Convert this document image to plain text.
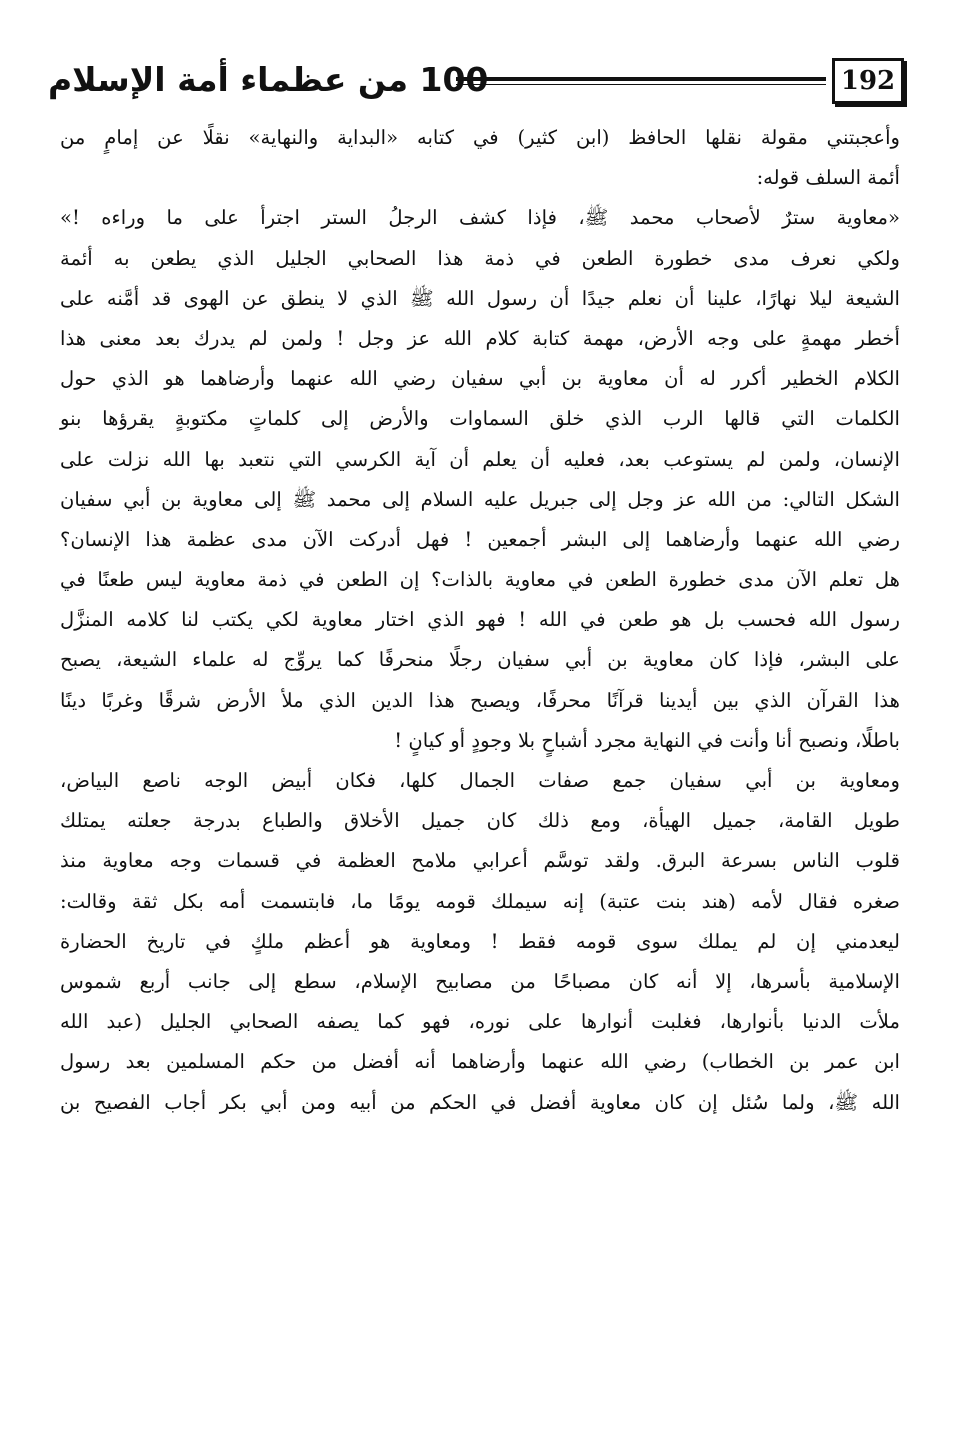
100 من عظماء أمة الإسلام	192
وأعجبتني مقولة نقلها الحافظ (ابن كثير) في كتابه «البداية والنهاية» نقلًا عن إمامٍ من
أئمة السلف قوله:
«معاوية سترٌ لأصحاب محمد ﷺ، فإذا كشف الرجلُ الستر اجترأ على ما وراءه !»
ولكي نعرف مدى خطورة الطعن في ذمة هذا الصحابي الجليل الذي يطعن به أئمة
الشيعة ليلا نهارًا، علينا أن نعلم جيدًا أن رسول الله ﷺ الذي لا ينطق عن الهوى قد أمَّنه على
أخطر مهمةٍ على وجه الأرض، مهمة كتابة كلام الله عز وجل ! ولمن لم يدرك بعد معنى هذا
الكلام الخطير أكرر له أن معاوية بن أبي سفيان رضي الله عنهما وأرضاهما هو الذي حول
الكلمات التي قالها الرب الذي خلق السماوات والأرض إلى كلماتٍ مكتوبةٍ يقرؤها بنو
الإنسان، ولمن لم يستوعب بعد، فعليه أن يعلم أن آية الكرسي التي نتعبد بها الله نزلت على
الشكل التالي: من الله عز وجل إلى جبريل عليه السلام إلى محمد ﷺ إلى معاوية بن أبي سفيان
رضي الله عنهما وأرضاهما إلى البشر أجمعين ! فهل أدركت الآن مدى عظمة هذا الإنسان؟
هل تعلم الآن مدى خطورة الطعن في معاوية بالذات؟ إن الطعن في ذمة معاوية ليس طعنًا في
رسول الله فحسب بل هو طعن في الله ! فهو الذي اختار معاوية لكي يكتب لنا كلامه المنزَّل
على البشر، فإذا كان معاوية بن أبي سفيان رجلًا منحرفًا كما يروِّج له علماء الشيعة، يصبح
هذا القرآن الذي بين أيدينا قرآنًا محرفًا، ويصبح هذا الدين الذي ملأ الأرض شرقًا وغربًا دينًا
باطلًا، ونصبح أنا وأنت في النهاية مجرد أشباحٍ بلا وجودٍ أو كيانٍ !
ومعاوية بن أبي سفيان جمع صفات الجمال كلها، فكان أبيض الوجه ناصع البياض،
طويل القامة، جميل الهيأة، ومع ذلك كان جميل الأخلاق والطباع بدرجة جعلته يمتلك
قلوب الناس بسرعة البرق. ولقد توسَّم أعرابي ملامح العظمة في قسمات وجه معاوية منذ
صغره فقال لأمه (هند بنت عتبة) إنه سيملك قومه يومًا ما، فابتسمت أمه بكل ثقة وقالت:
ليعدمني إن لم يملك سوى قومه فقط ! ومعاوية هو أعظم ملكٍ في تاريخ الحضارة
الإسلامية بأسرها، إلا أنه كان مصباحًا من مصابيح الإسلام، سطع إلى جانب أربع شموس
ملأت الدنيا بأنوارها، فغلبت أنوارها على نوره، فهو كما يصفه الصحابي الجليل (عبد الله
ابن عمر بن الخطاب) رضي الله عنهما وأرضاهما أنه أفضل من حكم المسلمين بعد رسول
الله ﷺ، ولما سُئل إن كان معاوية أفضل في الحكم من أبيه ومن أبي بكر أجاب الفصيح بن
